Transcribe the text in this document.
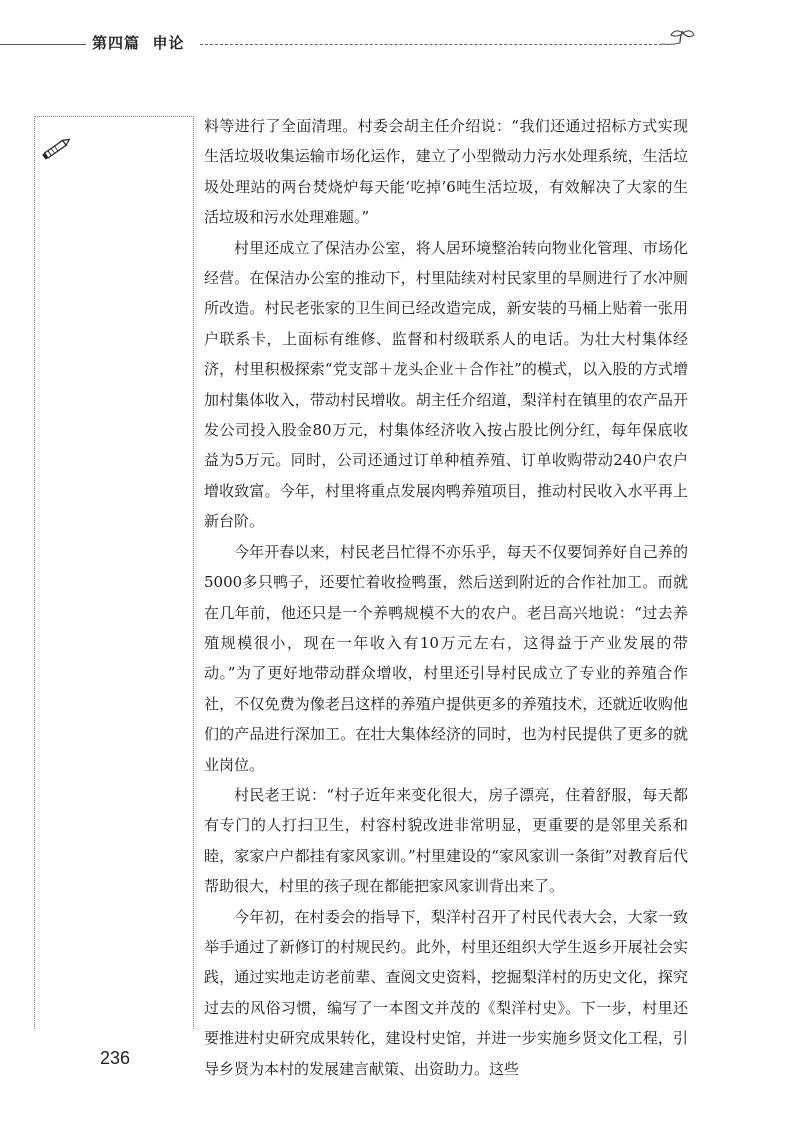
第四篇 申论

料等进行了全面清理。村委会胡主任介绍说：“我们还通过招标方式实现生活垃圾收集运输市场化运作，建立了小型微动力污水处理系统，生活垃圾处理站的两台焚烧炉每天能‘吃掉’6吨生活垃圾，有效解决了大家的生活垃圾和污水处理难题。”

村里还成立了保洁办公室，将人居环境整治转向物业化管理、市场化经营。在保洁办公室的推动下，村里陆续对村民家里的旱厕进行了水冲厕所改造。村民老张家的卫生间已经改造完成，新安装的马桶上贴着一张用户联系卡，上面标有维修、监督和村级联系人的电话。为壮大村集体经济，村里积极探索“党支部＋龙头企业＋合作社”的模式，以入股的方式增加村集体收入，带动村民增收。胡主任介绍道，梨洋村在镇里的农产品开发公司投入股金80万元，村集体经济收入按占股比例分红，每年保底收益为5万元。同时，公司还通过订单种植养殖、订单收购带动240户农户增收致富。今年，村里将重点发展肉鸭养殖项目，推动村民收入水平再上新台阶。

今年开春以来，村民老吕忙得不亦乐乎，每天不仅要饲养好自己养的5000多只鸭子，还要忙着收捡鸭蛋，然后送到附近的合作社加工。而就在几年前，他还只是一个养鸭规模不大的农户。老吕高兴地说：“过去养殖规模很小，现在一年收入有10万元左右，这得益于产业发展的带动。”为了更好地带动群众增收，村里还引导村民成立了专业的养殖合作社，不仅免费为像老吕这样的养殖户提供更多的养殖技术，还就近收购他们的产品进行深加工。在壮大集体经济的同时，也为村民提供了更多的就业岗位。

村民老王说：“村子近年来变化很大，房子漂亮，住着舒服，每天都有专门的人打扫卫生，村容村貌改进非常明显，更重要的是邻里关系和睦，家家户户都挂有家风家训。”村里建设的“家风家训一条街”对教育后代帮助很大，村里的孩子现在都能把家风家训背出来了。

今年初，在村委会的指导下，梨洋村召开了村民代表大会，大家一致举手通过了新修订的村规民约。此外，村里还组织大学生返乡开展社会实践，通过实地走访老前辈、查阅文史资料，挖掘梨洋村的历史文化，探究过去的风俗习惯，编写了一本图文并茂的《梨洋村史》。下一步，村里还要推进村史研究成果转化，建设村史馆，并进一步实施乡贤文化工程，引导乡贤为本村的发展建言献策、出资助力。这些

236
